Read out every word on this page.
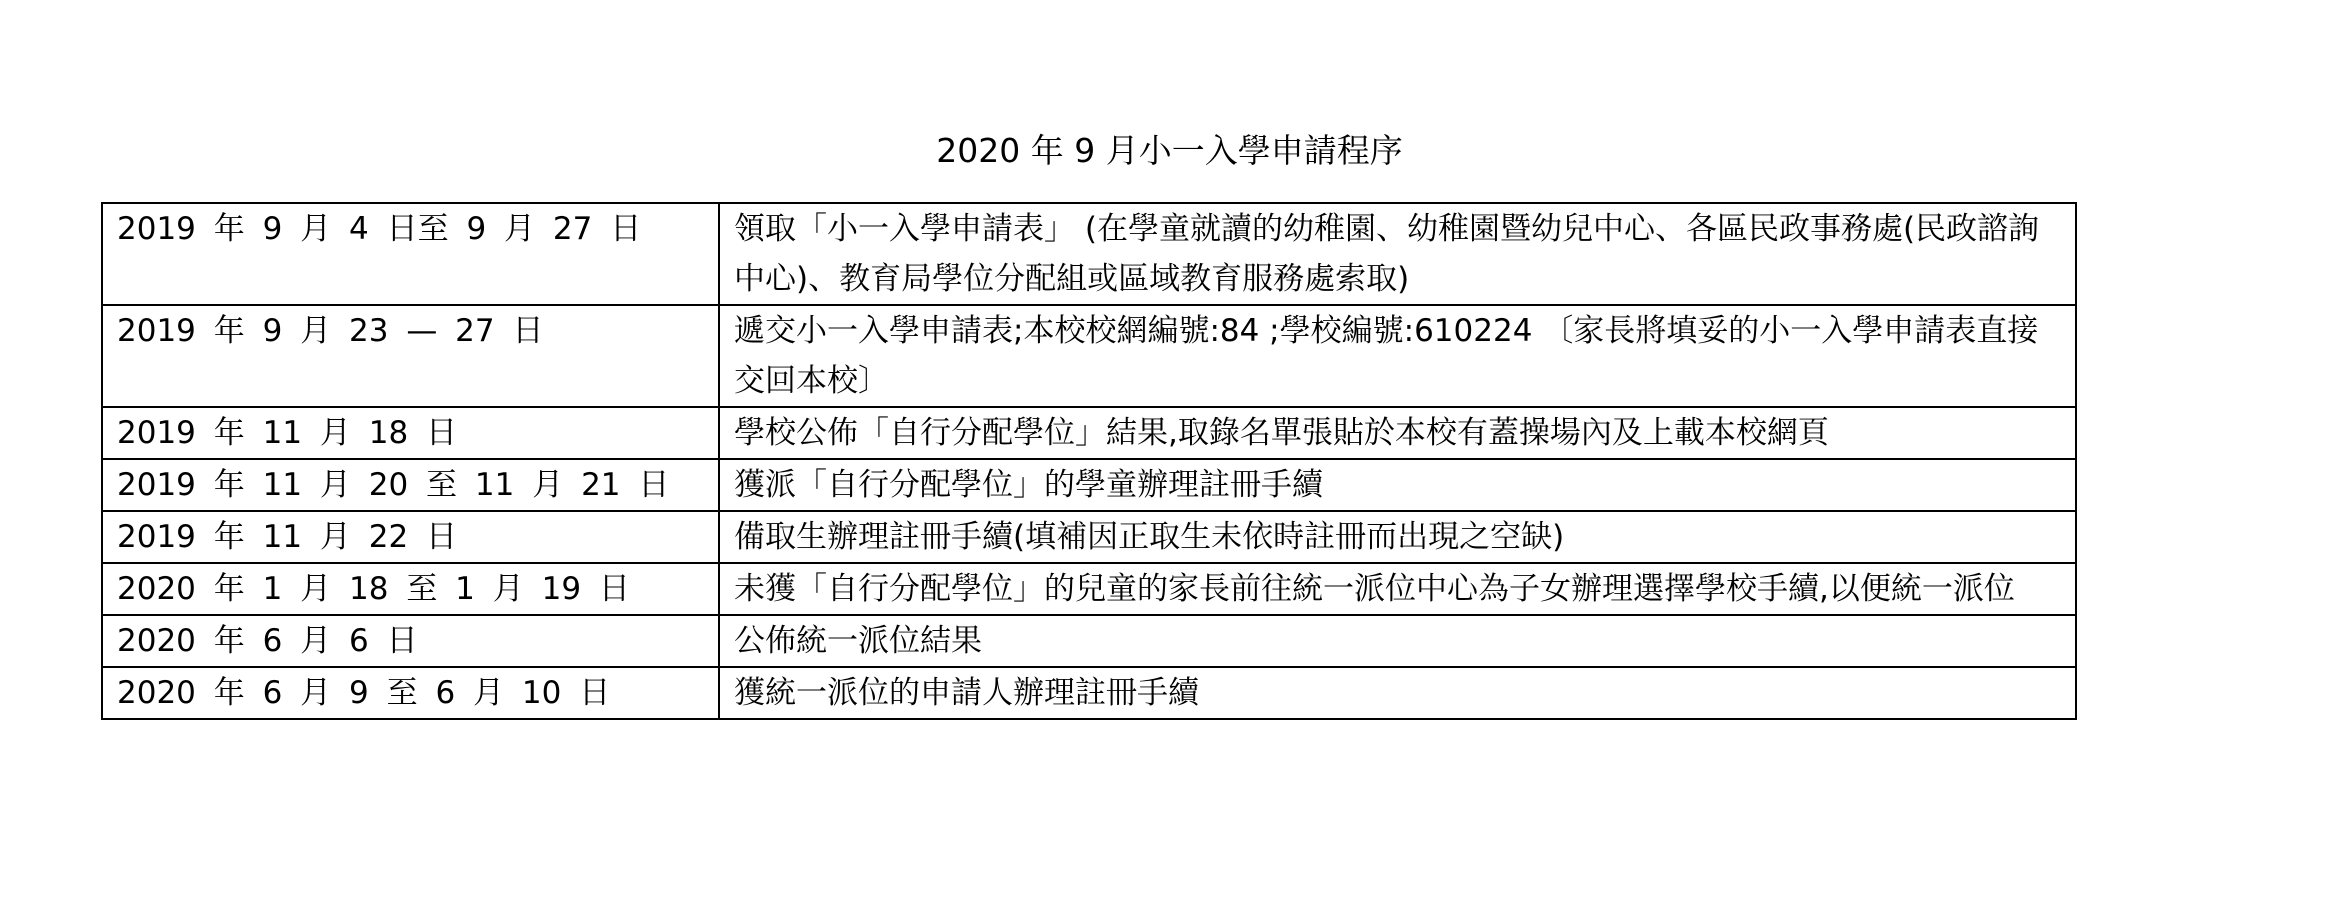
2020 年 9 月小一入學申請程序
2019 年 9 月 4 日至 9 月 27 日	領取「小一入學申請表」 (在學童就讀的幼稚園、幼稚園暨幼兒中心、各區民政事務處(民政諮詢中心)、教育局學位分配組或區域教育服務處索取)
2019 年 9 月 23 — 27 日	遞交小一入學申請表;本校校網編號:84 ;學校編號:610224 〔家長將填妥的小一入學申請表直接交回本校〕
2019 年 11 月 18 日	學校公佈「自行分配學位」結果,取錄名單張貼於本校有蓋操場內及上載本校網頁
2019 年 11 月 20 至 11 月 21 日	獲派「自行分配學位」的學童辦理註冊手續
2019 年 11 月 22 日	備取生辦理註冊手續(填補因正取生未依時註冊而出現之空缺)
2020 年 1 月 18 至 1 月 19 日	未獲「自行分配學位」的兒童的家長前往統一派位中心為子女辦理選擇學校手續,以便統一派位
2020 年 6 月 6 日	公佈統一派位結果
2020 年 6 月 9 至 6 月 10 日	獲統一派位的申請人辦理註冊手續
